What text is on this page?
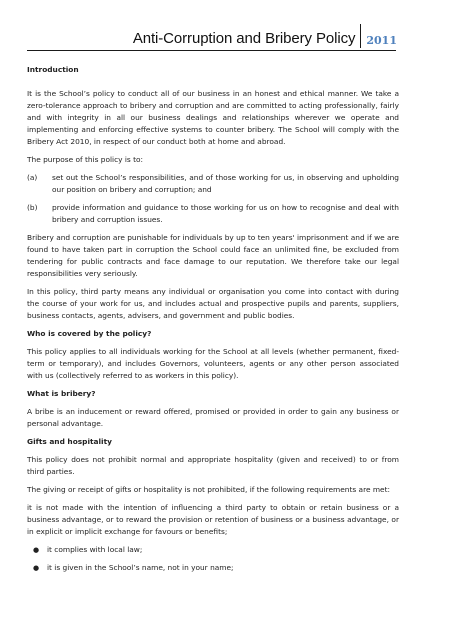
Anti-Corruption and Bribery Policy	2011

Introduction

It is the School’s policy to conduct all of our business in an honest and ethical manner. We take a zero-tolerance approach to bribery and corruption and are committed to acting professionally, fairly and with integrity in all our business dealings and relationships wherever we operate and implementing and enforcing effective systems to counter bribery. The School will comply with the Bribery Act 2010, in respect of our conduct both at home and abroad.

The purpose of this policy is to:

(a)	set out the School’s responsibilities, and of those working for us, in observing and upholding our position on bribery and corruption; and
(b)	provide information and guidance to those working for us on how to recognise and deal with bribery and corruption issues.

Bribery and corruption are punishable for individuals by up to ten years' imprisonment and if we are found to have taken part in corruption the School could face an unlimited fine, be excluded from tendering for public contracts and face damage to our reputation. We therefore take our legal responsibilities very seriously.

In this policy, third party means any individual or organisation you come into contact with during the course of your work for us, and includes actual and prospective pupils and parents, suppliers, business contacts, agents, advisers, and government and public bodies.

Who is covered by the policy?

This policy applies to all individuals working for the School at all levels (whether permanent, fixed-term or temporary), and includes Governors, volunteers, agents or any other person associated with us (collectively referred to as workers in this policy).

What is bribery?

A bribe is an inducement or reward offered, promised or provided in order to gain any business or personal advantage.

Gifts and hospitality

This policy does not prohibit normal and appropriate hospitality (given and received) to or from third parties.

The giving or receipt of gifts or hospitality is not prohibited, if the following requirements are met:

it is not made with the intention of influencing a third party to obtain or retain business or a business advantage, or to reward the provision or retention of business or a business advantage, or in explicit or implicit exchange for favours or benefits;

●	it complies with local law;
●	it is given in the School’s name, not in your name;
